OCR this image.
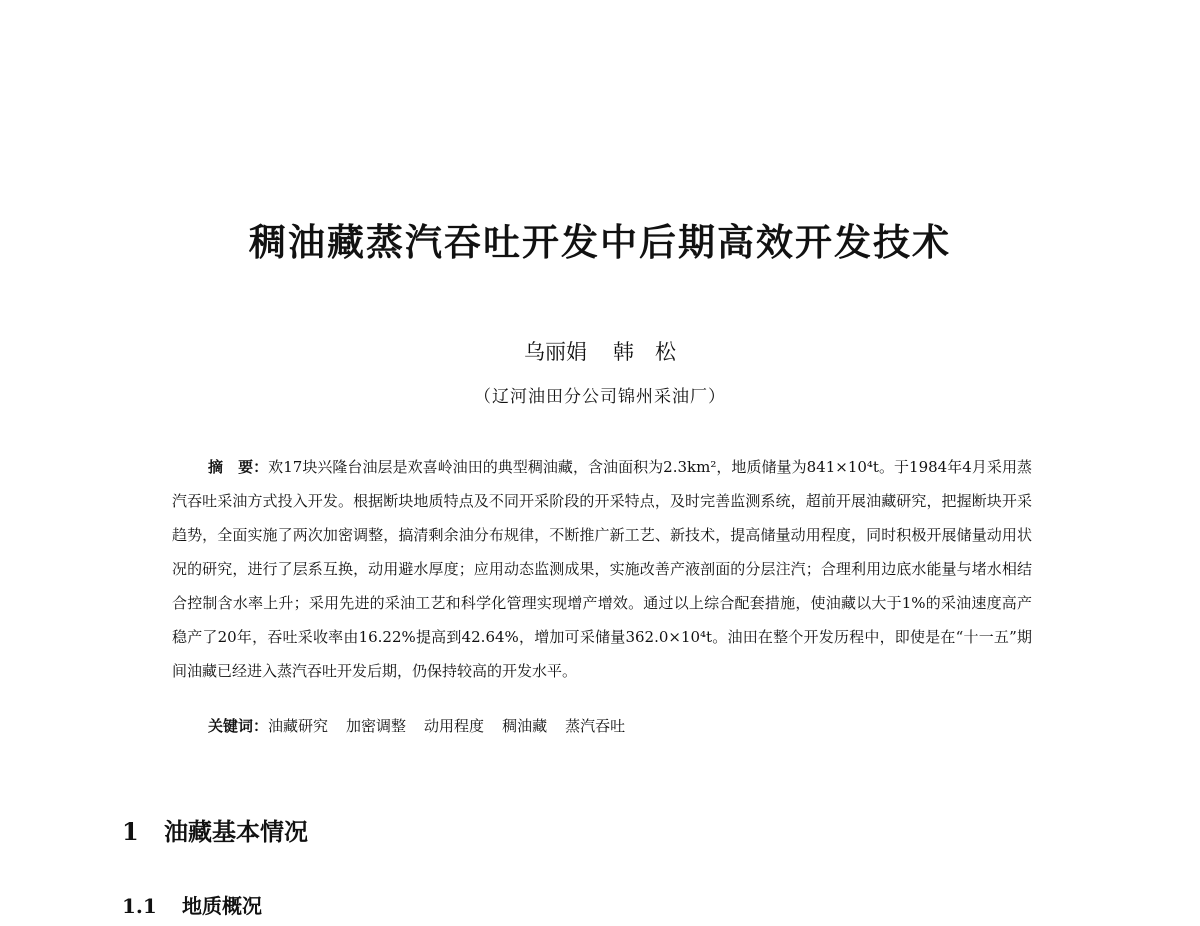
稠油藏蒸汽吞吐开发中后期高效开发技术
乌丽娟 韩　松
（辽河油田分公司锦州采油厂）

摘　要：欢17块兴隆台油层是欢喜岭油田的典型稠油藏，含油面积为2.3km²，地质储量为841×10⁴t。于1984年4月采用蒸汽吞吐采油方式投入开发。根据断块地质特点及不同开采阶段的开采特点，及时完善监测系统，超前开展油藏研究，把握断块开采趋势，全面实施了两次加密调整，搞清剩余油分布规律，不断推广新工艺、新技术，提高储量动用程度，同时积极开展储量动用状况的研究，进行了层系互换，动用避水厚度；应用动态监测成果，实施改善产液剖面的分层注汽；合理利用边底水能量与堵水相结合控制含水率上升；采用先进的采油工艺和科学化管理实现增产增效。通过以上综合配套措施，使油藏以大于1%的采油速度高产稳产了20年，吞吐采收率由16.22%提高到42.64%，增加可采储量362.0×10⁴t。油田在整个开发历程中，即使是在“十一五”期间油藏已经进入蒸汽吞吐开发后期，仍保持较高的开发水平。

关键词：油藏研究 加密调整 动用程度 稠油藏 蒸汽吞吐
1 油藏基本情况
1.1 地质概况
